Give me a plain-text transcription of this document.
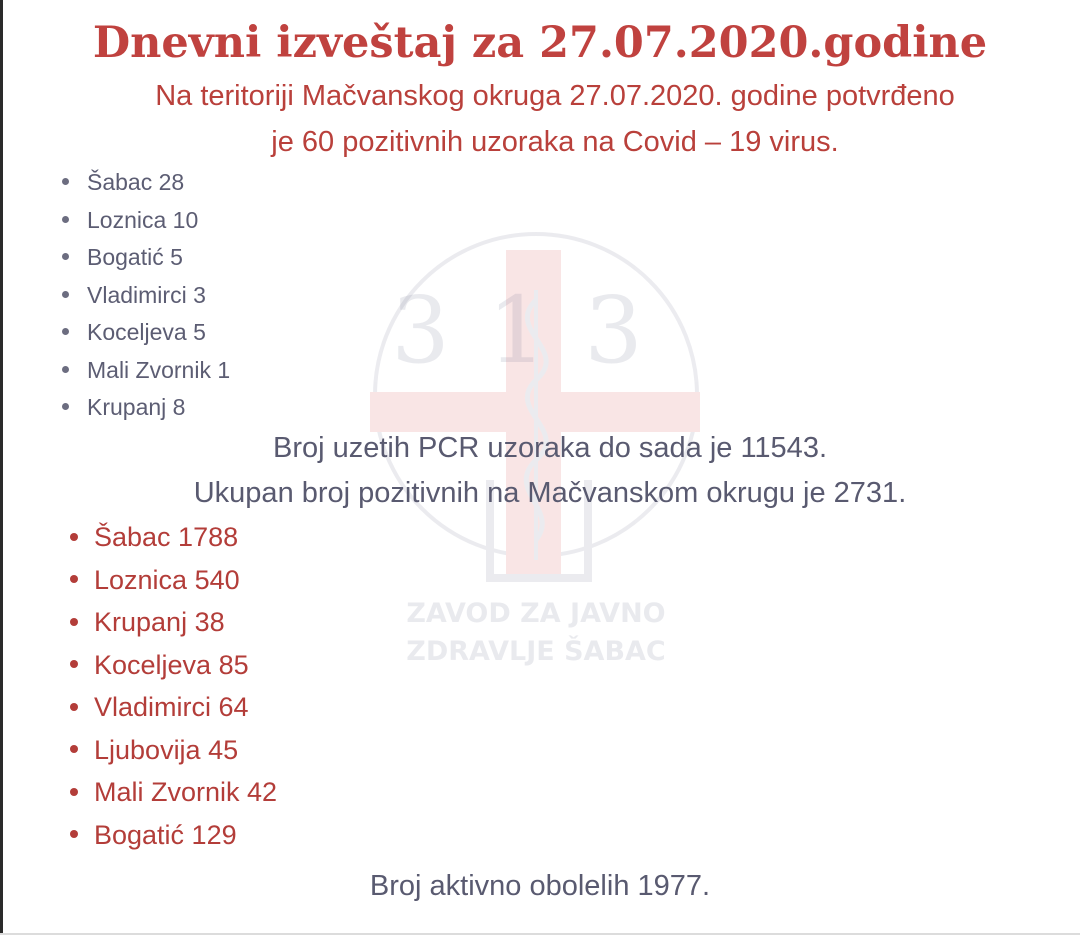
313
ZAVOD ZA JAVNO
ZDRAVLJE ŠABAC
Dnevni izveštaj za 27.07.2020.godine
Na teritoriji Mačvanskog okruga 27.07.2020. godine potvrđeno
je 60 pozitivnih uzoraka na Covid – 19 virus.
Šabac 28
Loznica 10
Bogatić 5
Vladimirci 3
Koceljeva 5
Mali Zvornik 1
Krupanj 8
Broj uzetih PCR uzoraka do sada je 11543.
Ukupan broj pozitivnih na Mačvanskom okrugu je 2731.
Šabac 1788
Loznica 540
Krupanj 38
Koceljeva 85
Vladimirci 64
Ljubovija 45
Mali Zvornik 42
Bogatić 129
Broj aktivno obolelih 1977.
